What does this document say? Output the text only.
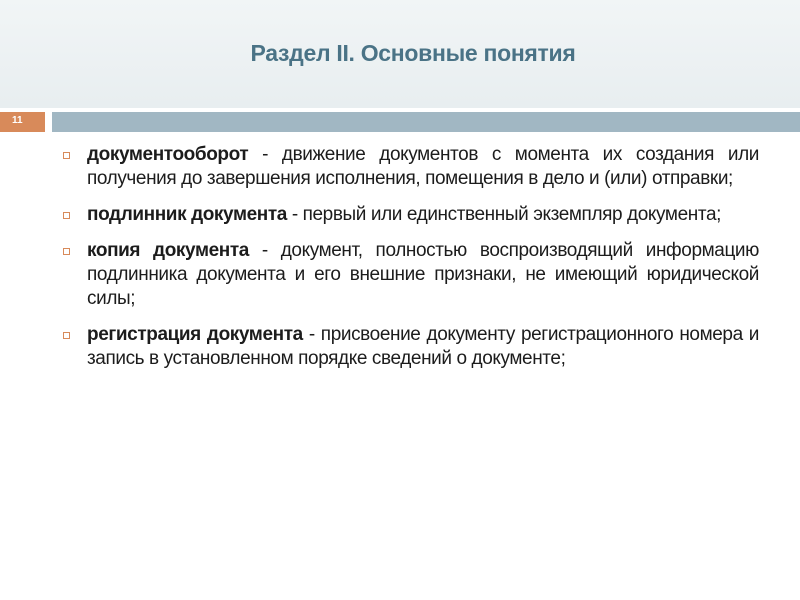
Раздел II. Основные понятия
11
документооборот - движение документов с момента их создания или получения до завершения исполнения, помещения в дело и (или) отправки;
подлинник документа - первый или единственный экземпляр документа;
копия документа - документ, полностью воспроизводящий информацию подлинника документа и его внешние признаки, не имеющий юридической силы;
регистрация документа - присвоение документу регистрационного номера и запись в установленном порядке сведений о документе;
